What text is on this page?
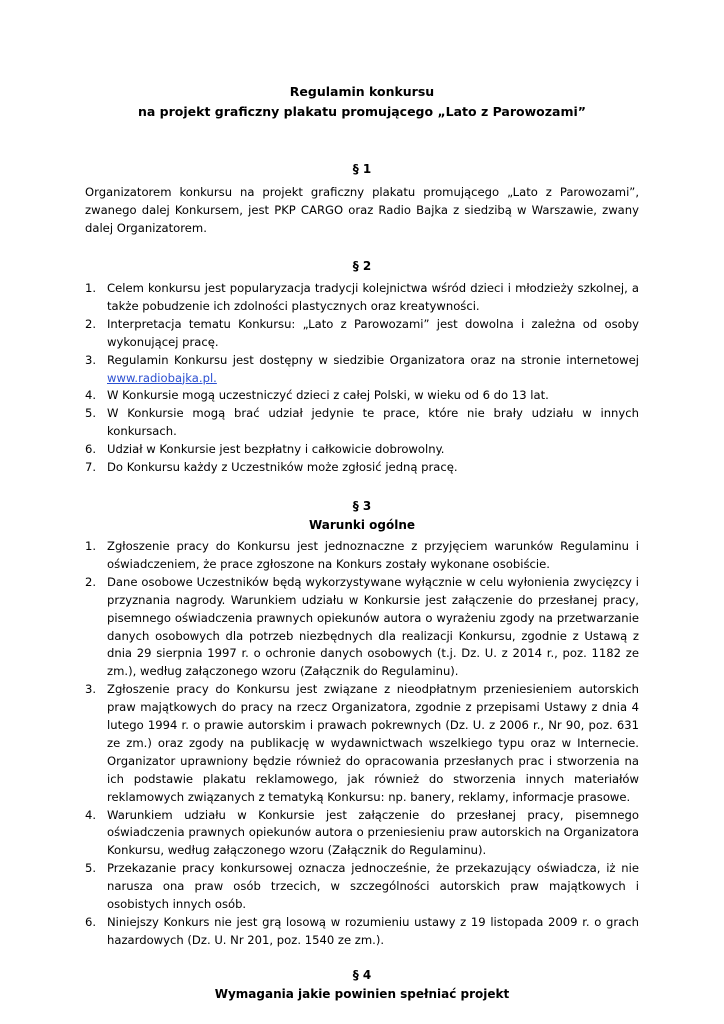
Regulamin konkursu

na projekt graficzny plakatu promującego „Lato z Parowozami”

§ 1

Organizatorem konkursu na projekt graficzny plakatu promującego „Lato z Parowozami”, zwanego dalej Konkursem, jest PKP CARGO oraz Radio Bajka z siedzibą w Warszawie, zwany dalej Organizatorem.

§ 2

1. Celem konkursu jest popularyzacja tradycji kolejnictwa wśród dzieci i młodzieży szkolnej, a także pobudzenie ich zdolności plastycznych oraz kreatywności.
2. Interpretacja tematu Konkursu: „Lato z Parowozami” jest dowolna i zależna od osoby wykonującej pracę.
3. Regulamin Konkursu jest dostępny w siedzibie Organizatora oraz na stronie internetowej www.radiobajka.pl.
4. W Konkursie mogą uczestniczyć dzieci z całej Polski, w wieku od 6 do 13 lat.
5. W Konkursie mogą brać udział jedynie te prace, które nie brały udziału w innych konkursach.
6. Udział w Konkursie jest bezpłatny i całkowicie dobrowolny.
7. Do Konkursu każdy z Uczestników może zgłosić jedną pracę.

§ 3

Warunki ogólne

1. Zgłoszenie pracy do Konkursu jest jednoznaczne z przyjęciem warunków Regulaminu i oświadczeniem, że prace zgłoszone na Konkurs zostały wykonane osobiście.
2. Dane osobowe Uczestników będą wykorzystywane wyłącznie w celu wyłonienia zwycięzcy i przyznania nagrody. Warunkiem udziału w Konkursie jest załączenie do przesłanej pracy, pisemnego oświadczenia prawnych opiekunów autora o wyrażeniu zgody na przetwarzanie danych osobowych dla potrzeb niezbędnych dla realizacji Konkursu, zgodnie z Ustawą z dnia 29 sierpnia 1997 r. o ochronie danych osobowych (t.j. Dz. U. z 2014 r., poz. 1182 ze zm.), według załączonego wzoru (Załącznik do Regulaminu).
3. Zgłoszenie pracy do Konkursu jest związane z nieodpłatnym przeniesieniem autorskich praw majątkowych do pracy na rzecz Organizatora, zgodnie z przepisami Ustawy z dnia 4 lutego 1994 r. o prawie autorskim i prawach pokrewnych (Dz. U. z 2006 r., Nr 90, poz. 631 ze zm.) oraz zgody na publikację w wydawnictwach wszelkiego typu oraz w Internecie. Organizator uprawniony będzie również do opracowania przesłanych prac i stworzenia na ich podstawie plakatu reklamowego, jak również do stworzenia innych materiałów reklamowych związanych z tematyką Konkursu: np. banery, reklamy, informacje prasowe.
4. Warunkiem udziału w Konkursie jest załączenie do przesłanej pracy, pisemnego oświadczenia prawnych opiekunów autora o przeniesieniu praw autorskich na Organizatora Konkursu, według załączonego wzoru (Załącznik do Regulaminu).
5. Przekazanie pracy konkursowej oznacza jednocześnie, że przekazujący oświadcza, iż nie narusza ona praw osób trzecich, w szczególności autorskich praw majątkowych i osobistych innych osób.
6. Niniejszy Konkurs nie jest grą losową w rozumieniu ustawy z 19 listopada 2009 r. o grach hazardowych (Dz. U. Nr 201, poz. 1540 ze zm.).

§ 4

Wymagania jakie powinien spełniać projekt
